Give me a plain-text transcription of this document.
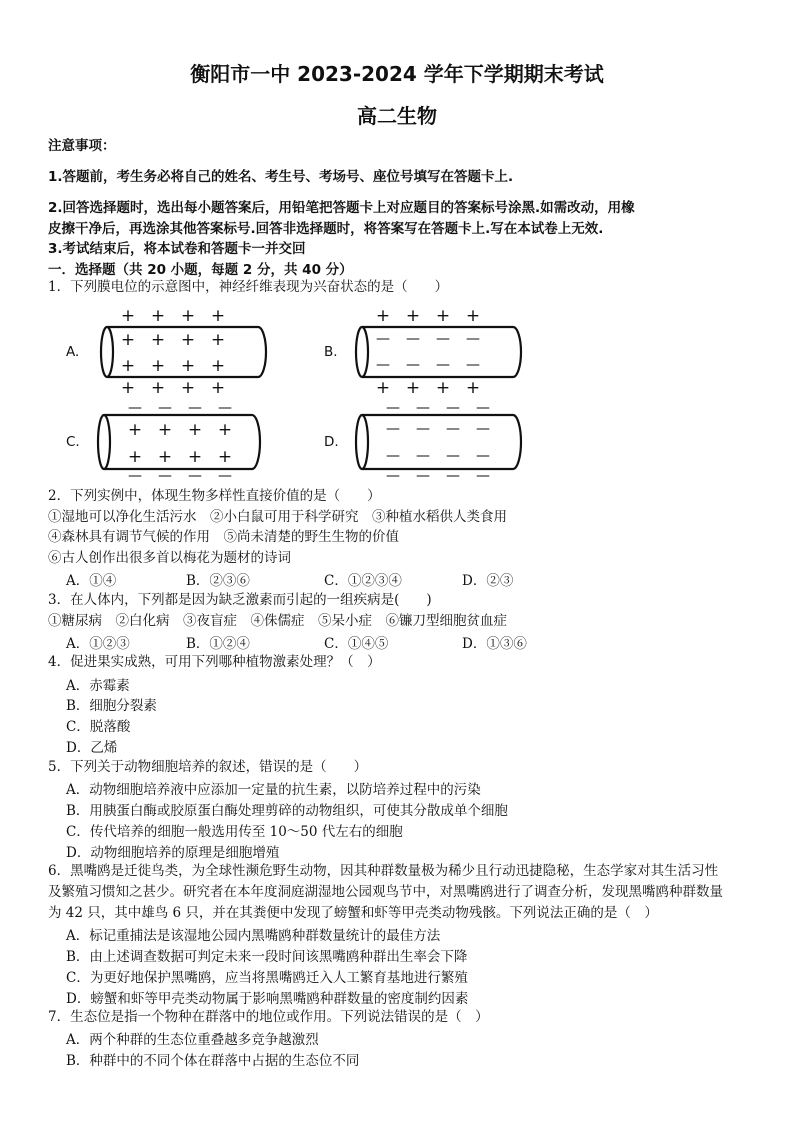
衡阳市一中 2023-2024 学年下学期期末考试
高二生物
注意事项：
1.答题前，考生务必将自己的姓名、考生号、考场号、座位号填写在答题卡上.
2.回答选择题时，选出每小题答案后，用铅笔把答题卡上对应题目的答案标号涂黑.如需改动，用橡
皮擦干净后，再选涂其他答案标号.回答非选择题时，将答案写在答题卡上.写在本试卷上无效.
3.考试结束后，将本试卷和答题卡一并交回
一．选择题（共 20 小题，每题 2 分，共 40 分）
1．下列膜电位的示意图中，神经纤维表现为兴奋状态的是（　　）
+ + + +
+ + + +
+ + + +
+ + + +
+ + + +
— — — —
— — — —
+ + + +
— — — —
+ + + +
+ + + +
— — — —
— — — —
— — — —
— — — —
— — — —
A.	B.
C.	D.
2．下列实例中，体现生物多样性直接价值的是（　　）
①湿地可以净化生活污水　②小白鼠可用于科学研究　③种植水稻供人类食用
④森林具有调节气候的作用　⑤尚未清楚的野生生物的价值
⑥古人创作出很多首以梅花为题材的诗词
A．①④	B．②③⑥	C．①②③④	D．②③
3．在人体内，下列都是因为缺乏激素而引起的一组疾病是(　　)
①糖尿病　②白化病　③夜盲症　④侏儒症　⑤呆小症　⑥镰刀型细胞贫血症
A．①②③	B．①②④	C．①④⑤	D．①③⑥
4．促进果实成熟，可用下列哪种植物激素处理？（　）
A．赤霉素
B．细胞分裂素
C．脱落酸
D．乙烯
5．下列关于动物细胞培养的叙述，错误的是（　　）
A．动物细胞培养液中应添加一定量的抗生素，以防培养过程中的污染
B．用胰蛋白酶或胶原蛋白酶处理剪碎的动物组织，可使其分散成单个细胞
C．传代培养的细胞一般选用传至 10～50 代左右的细胞
D．动物细胞培养的原理是细胞增殖
6．黑嘴鸥是迁徙鸟类，为全球性濒危野生动物，因其种群数量极为稀少且行动迅捷隐秘，生态学家对其生活习性
及繁殖习惯知之甚少。研究者在本年度洞庭湖湿地公园观鸟节中，对黑嘴鸥进行了调查分析，发现黑嘴鸥种群数量
为 42 只，其中雄鸟 6 只，并在其粪便中发现了螃蟹和虾等甲壳类动物残骸。下列说法正确的是（　）
A．标记重捕法是该湿地公园内黑嘴鸥种群数量统计的最佳方法
B．由上述调查数据可判定未来一段时间该黑嘴鸥种群出生率会下降
C．为更好地保护黑嘴鸥，应当将黑嘴鸥迁入人工繁育基地进行繁殖
D．螃蟹和虾等甲壳类动物属于影响黑嘴鸥种群数量的密度制约因素
7．生态位是指一个物种在群落中的地位或作用。下列说法错误的是（　）
A．两个种群的生态位重叠越多竞争越激烈
B．种群中的不同个体在群落中占据的生态位不同
